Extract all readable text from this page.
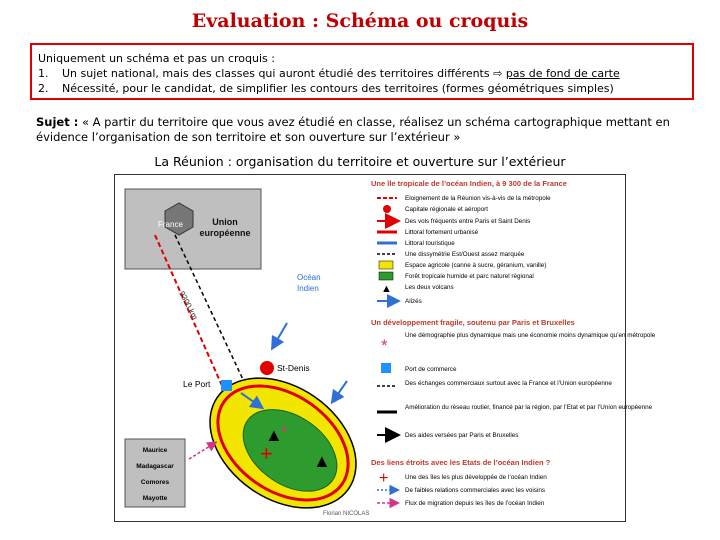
Evaluation : Schéma ou croquis
Uniquement un schéma et pas un croquis :
1. Un sujet national, mais des classes qui auront étudié des territoires différents ⇨ pas de fond de carte
2. Nécessité, pour le candidat, de simplifier les contours des territoires (formes géométriques simples)
Sujet : « A partir du territoire que vous avez étudié en classe, réalisez un schéma cartographique mettant en évidence l’organisation de son territoire et son ouverture sur l’extérieur »
La Réunion : organisation du territoire et ouverture sur l’extérieur
France	Union
européenne
Océan
Indien
9300 km
Maurice
Madagascar
Comores
Mayotte
▲
▲
+
*
St-Denis
Le Port
Florian NICOLAS
Une île tropicale de l’océan Indien, à 9 300 de la France
Eloignement de la Réunion vis-à-vis de la métropole
Capitale régionale et aéroport
Des vols fréquents entre Paris et Saint Denis
Littoral fortement urbanisé
Littoral touristique
Une dissymétrie Est/Ouest assez marquée
Espace agricole (canne à sucre, géranium, vanille)
Forêt tropicale humide et parc naturel régional
▲ Les deux volcans
Alizés
Un développement fragile, soutenu par Paris et Bruxelles
*
Une démographie plus dynamique mais une économie moins dynamique qu’en métropole
Port de commerce
Des échanges commerciaux surtout avec la France et l’Union européenne
Amélioration du réseau routier, financé par la région, par l’Etat et par l’Union européenne
Des aides versées par Paris et Bruxelles
Des liens étroits avec les Etats de l’océan Indien ?
+	Une des îles les plus développée de l’océan Indien
De faibles relations commerciales avec les voisins
Flux de migration depuis les îles de l’océan Indien
